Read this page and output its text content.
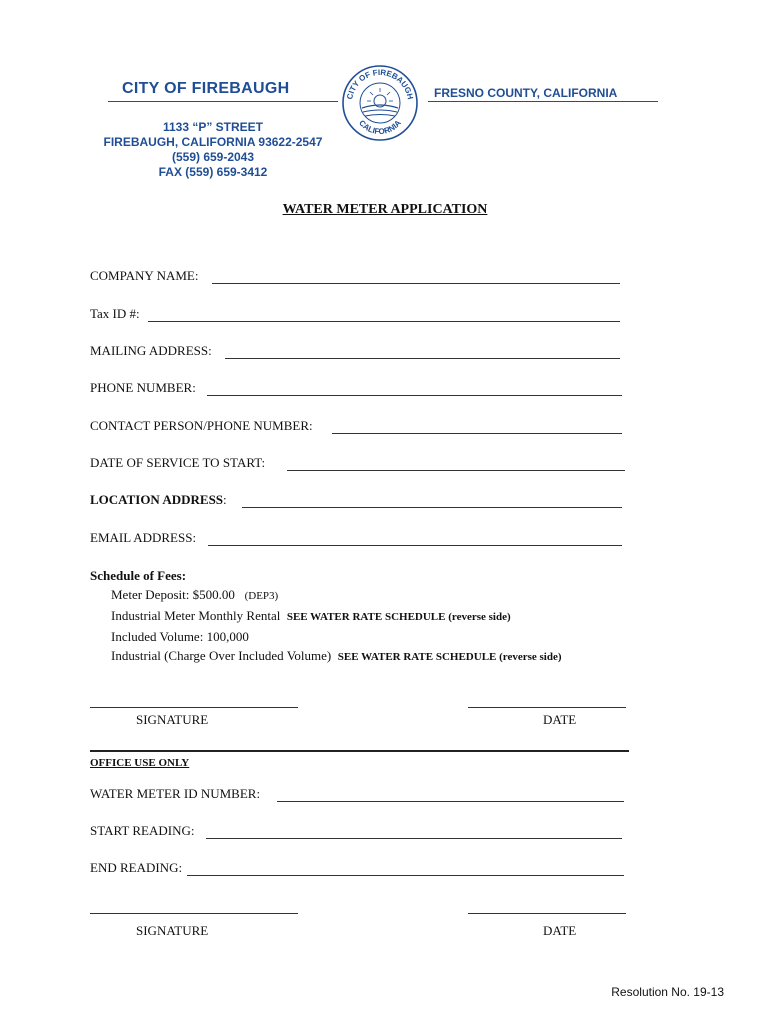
CITY OF FIREBAUGH
1133 “P” STREET
FIREBAUGH, CALIFORNIA 93622-2547
(559) 659-2043
FAX (559) 659-3412
CITY OF FIREBAUGH
CALIFORNIA
FRESNO COUNTY, CALIFORNIA
WATER METER APPLICATION
COMPANY NAME:
Tax ID #:
MAILING ADDRESS:
PHONE NUMBER:
CONTACT PERSON/PHONE NUMBER:
DATE OF SERVICE TO START:
LOCATION ADDRESS:
EMAIL ADDRESS:
Schedule of Fees:
Meter Deposit: $500.00 (DEP3)
Industrial Meter Monthly Rental SEE WATER RATE SCHEDULE (reverse side)
Included Volume: 100,000
Industrial (Charge Over Included Volume) SEE WATER RATE SCHEDULE (reverse side)
SIGNATURE	DATE
OFFICE USE ONLY
WATER METER ID NUMBER:
START READING:
END READING:
SIGNATURE	DATE
Resolution No. 19-13
